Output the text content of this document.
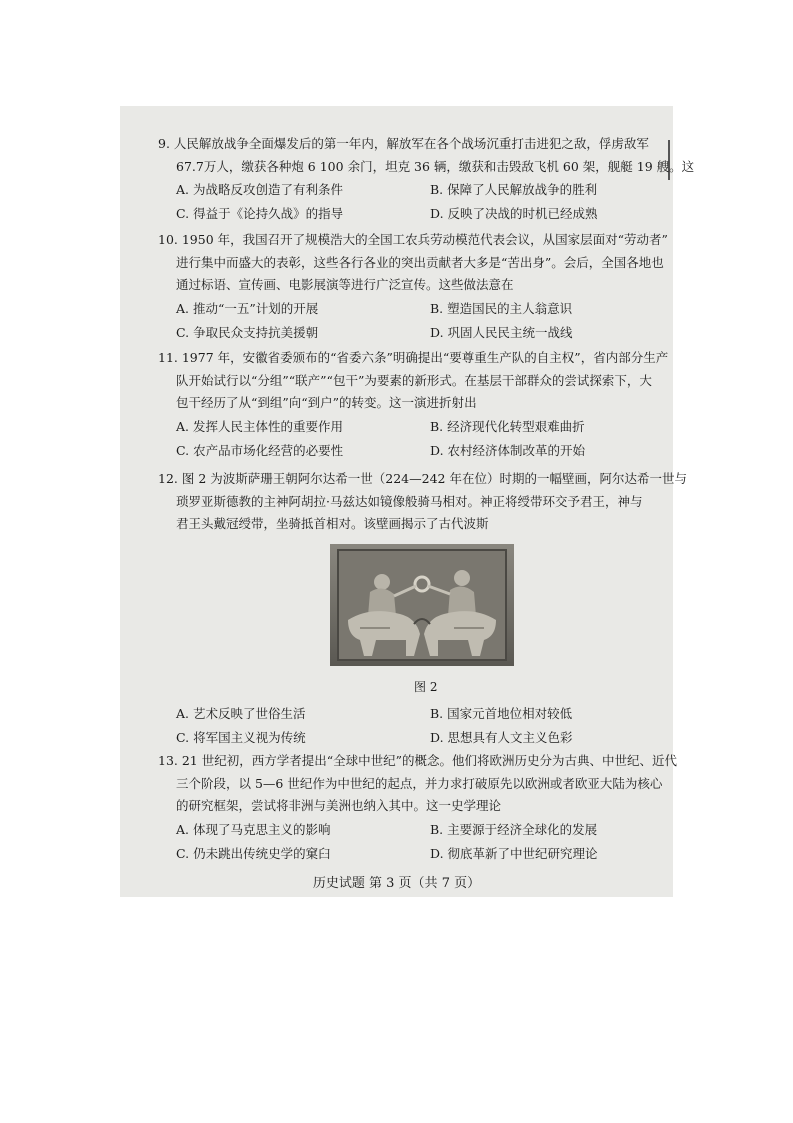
9. 人民解放战争全面爆发后的第一年内，解放军在各个战场沉重打击进犯之敌，俘虏敌军
67.7万人，缴获各种炮 6 100 余门，坦克 36 辆，缴获和击毁敌飞机 60 架，舰艇 19 艘。这
A. 为战略反攻创造了有利条件	B. 保障了人民解放战争的胜利
C. 得益于《论持久战》的指导	D. 反映了决战的时机已经成熟
10. 1950 年，我国召开了规模浩大的全国工农兵劳动模范代表会议，从国家层面对“劳动者”
进行集中而盛大的表彰，这些各行各业的突出贡献者大多是“苦出身”。会后，全国各地也
通过标语、宣传画、电影展演等进行广泛宣传。这些做法意在
A. 推动“一五”计划的开展	B. 塑造国民的主人翁意识
C. 争取民众支持抗美援朝	D. 巩固人民民主统一战线
11. 1977 年，安徽省委颁布的“省委六条”明确提出“要尊重生产队的自主权”，省内部分生产
队开始试行以“分组”“联产”“包干”为要素的新形式。在基层干部群众的尝试探索下，大
包干经历了从“到组”向“到户”的转变。这一演进折射出
A. 发挥人民主体性的重要作用	B. 经济现代化转型艰难曲折
C. 农产品市场化经营的必要性	D. 农村经济体制改革的开始
12. 图 2 为波斯萨珊王朝阿尔达希一世（224—242 年在位）时期的一幅壁画，阿尔达希一世与
琐罗亚斯德教的主神阿胡拉·马兹达如镜像般骑马相对。神正将绶带环交予君王，神与
君王头戴冠绶带，坐骑抵首相对。该壁画揭示了古代波斯
图 2
A. 艺术反映了世俗生活	B. 国家元首地位相对较低
C. 将军国主义视为传统	D. 思想具有人文主义色彩
13. 21 世纪初，西方学者提出“全球中世纪”的概念。他们将欧洲历史分为古典、中世纪、近代
三个阶段，以 5—6 世纪作为中世纪的起点，并力求打破原先以欧洲或者欧亚大陆为核心
的研究框架，尝试将非洲与美洲也纳入其中。这一史学理论
A. 体现了马克思主义的影响	B. 主要源于经济全球化的发展
C. 仍未跳出传统史学的窠臼	D. 彻底革新了中世纪研究理论
历史试题 第 3 页（共 7 页）
